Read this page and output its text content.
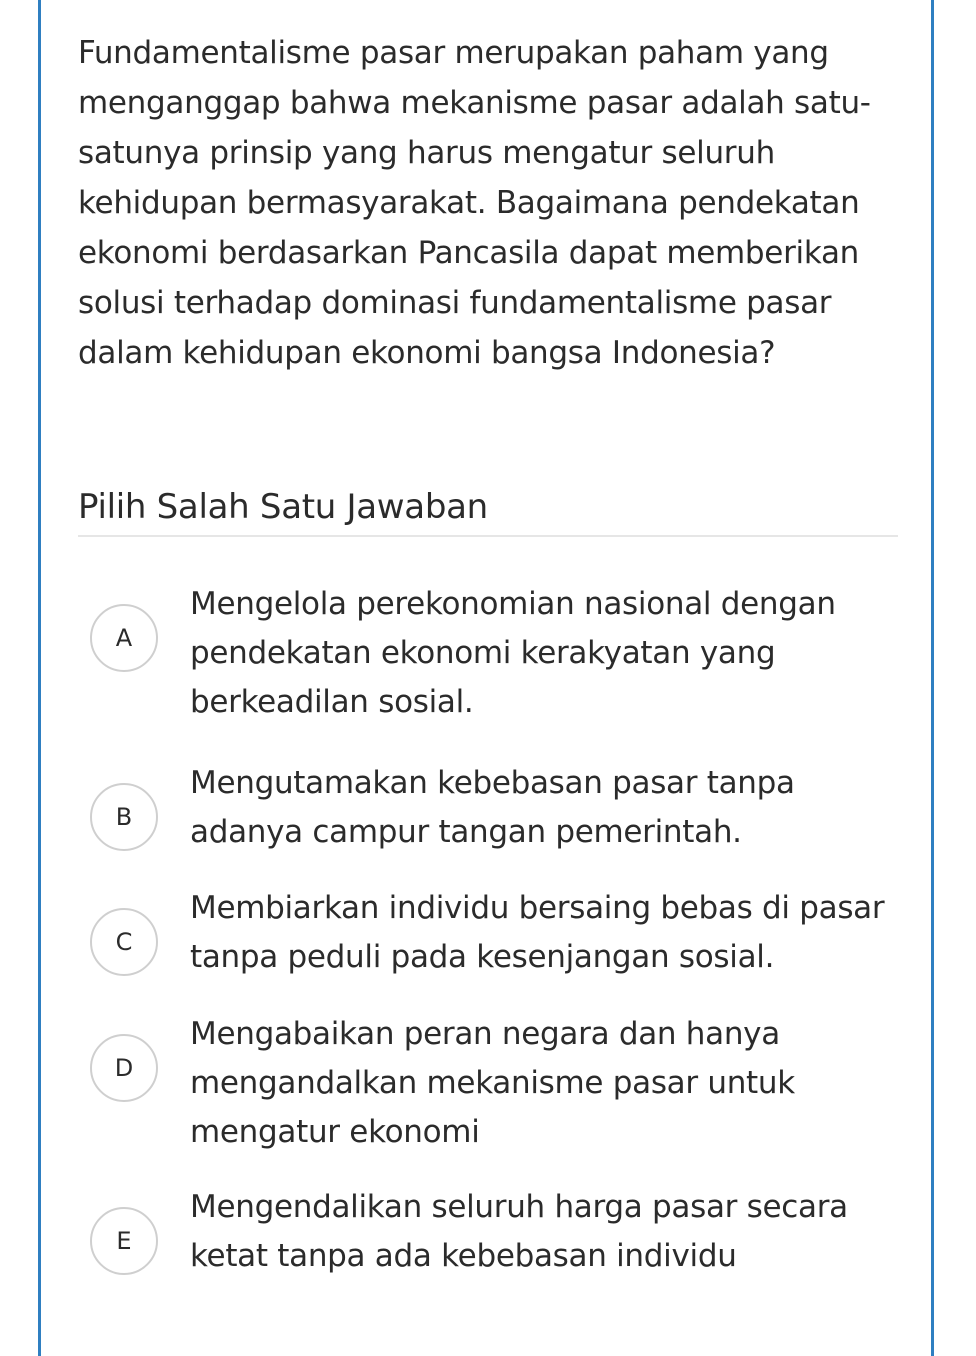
Fundamentalisme pasar merupakan paham yang menganggap bahwa mekanisme pasar adalah satu-satunya prinsip yang harus mengatur seluruh kehidupan bermasyarakat. Bagaimana pendekatan ekonomi berdasarkan Pancasila dapat memberikan solusi terhadap dominasi fundamentalisme pasar dalam kehidupan ekonomi bangsa Indonesia?

Pilih Salah Satu Jawaban
A
Mengelola perekonomian nasional dengan pendekatan ekonomi kerakyatan yang berkeadilan sosial.
B
Mengutamakan kebebasan pasar tanpa adanya campur tangan pemerintah.
C
Membiarkan individu bersaing bebas di pasar tanpa peduli pada kesenjangan sosial.
D
Mengabaikan peran negara dan hanya mengandalkan mekanisme pasar untuk mengatur ekonomi
E
Mengendalikan seluruh harga pasar secara ketat tanpa ada kebebasan individu
